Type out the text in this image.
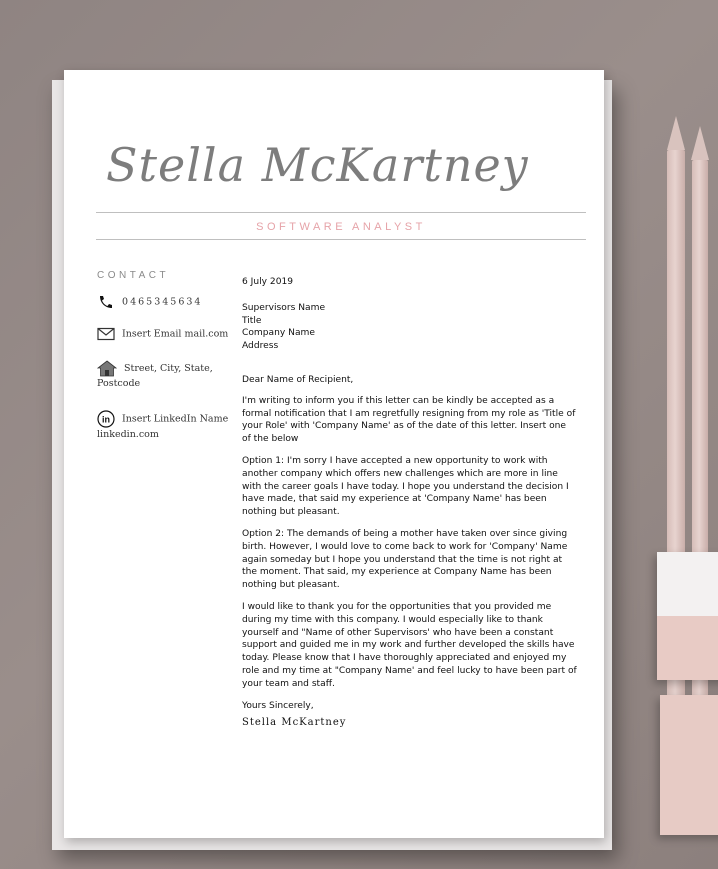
Stella McKartney
SOFTWARE ANALYST
CONTACT
0465345634
Insert Email mail.com
Street, City, State, Postcode
in Insert LinkedIn Name
linkedin.com
6 July 2019
Supervisors Name
Title
Company Name
Address
Dear Name of Recipient,

I'm writing to inform you if this letter can be kindly be accepted as a formal notification that I am regretfully resigning from my role as 'Title of your Role' with 'Company Name' as of the date of this letter. Insert one of the below

Option 1: I'm sorry I have accepted a new opportunity to work with another company which offers new challenges which are more in line with the career goals I have today. I hope you understand the decision I have made, that said my experience at 'Company Name' has been nothing but pleasant.

Option 2: The demands of being a mother have taken over since giving birth. However, I would love to come back to work for 'Company' Name again someday but I hope you understand that the time is not right at the moment. That said, my experience at Company Name has been nothing but pleasant.

I would like to thank you for the opportunities that you provided me during my time with this company. I would especially like to thank yourself and "Name of other Supervisors' who have been a constant support and guided me in my work and further developed the skills have today. Please know that I have thoroughly appreciated and enjoyed my role and my time at "Company Name' and feel lucky to have been part of your team and staff.

Yours Sincerely,
Stella McKartney
